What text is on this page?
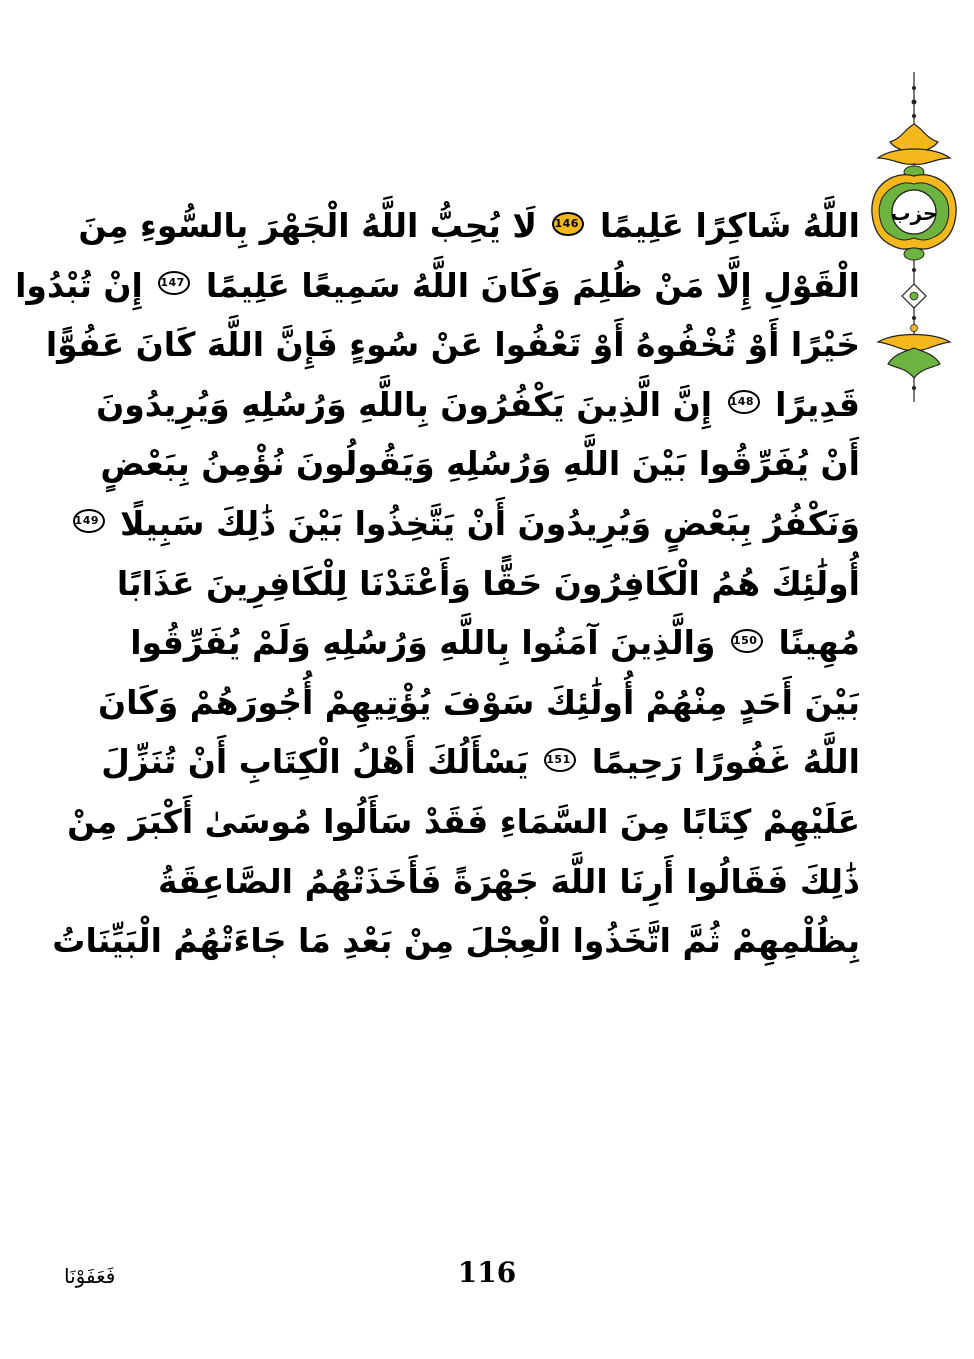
اللَّهُ شَاكِرًا عَلِيمًا 146 لَا يُحِبُّ اللَّهُ الْجَهْرَ بِالسُّوءِ مِنَ
الْقَوْلِ إِلَّا مَنْ ظُلِمَ وَكَانَ اللَّهُ سَمِيعًا عَلِيمًا 147 إِنْ تُبْدُوا
خَيْرًا أَوْ تُخْفُوهُ أَوْ تَعْفُوا عَنْ سُوءٍ فَإِنَّ اللَّهَ كَانَ عَفُوًّا
قَدِيرًا 148 إِنَّ الَّذِينَ يَكْفُرُونَ بِاللَّهِ وَرُسُلِهِ وَيُرِيدُونَ
أَنْ يُفَرِّقُوا بَيْنَ اللَّهِ وَرُسُلِهِ وَيَقُولُونَ نُؤْمِنُ بِبَعْضٍ
وَنَكْفُرُ بِبَعْضٍ وَيُرِيدُونَ أَنْ يَتَّخِذُوا بَيْنَ ذَٰلِكَ سَبِيلًا 149
أُولَٰئِكَ هُمُ الْكَافِرُونَ حَقًّا وَأَعْتَدْنَا لِلْكَافِرِينَ عَذَابًا
مُهِينًا 150 وَالَّذِينَ آمَنُوا بِاللَّهِ وَرُسُلِهِ وَلَمْ يُفَرِّقُوا
بَيْنَ أَحَدٍ مِنْهُمْ أُولَٰئِكَ سَوْفَ يُؤْتِيهِمْ أُجُورَهُمْ وَكَانَ
اللَّهُ غَفُورًا رَحِيمًا 151 يَسْأَلُكَ أَهْلُ الْكِتَابِ أَنْ تُنَزِّلَ
عَلَيْهِمْ كِتَابًا مِنَ السَّمَاءِ فَقَدْ سَأَلُوا مُوسَىٰ أَكْبَرَ مِنْ
ذَٰلِكَ فَقَالُوا أَرِنَا اللَّهَ جَهْرَةً فَأَخَذَتْهُمُ الصَّاعِقَةُ
بِظُلْمِهِمْ ثُمَّ اتَّخَذُوا الْعِجْلَ مِنْ بَعْدِ مَا جَاءَتْهُمُ الْبَيِّنَاتُ
حزب
116
فَعَفَوْنَا
